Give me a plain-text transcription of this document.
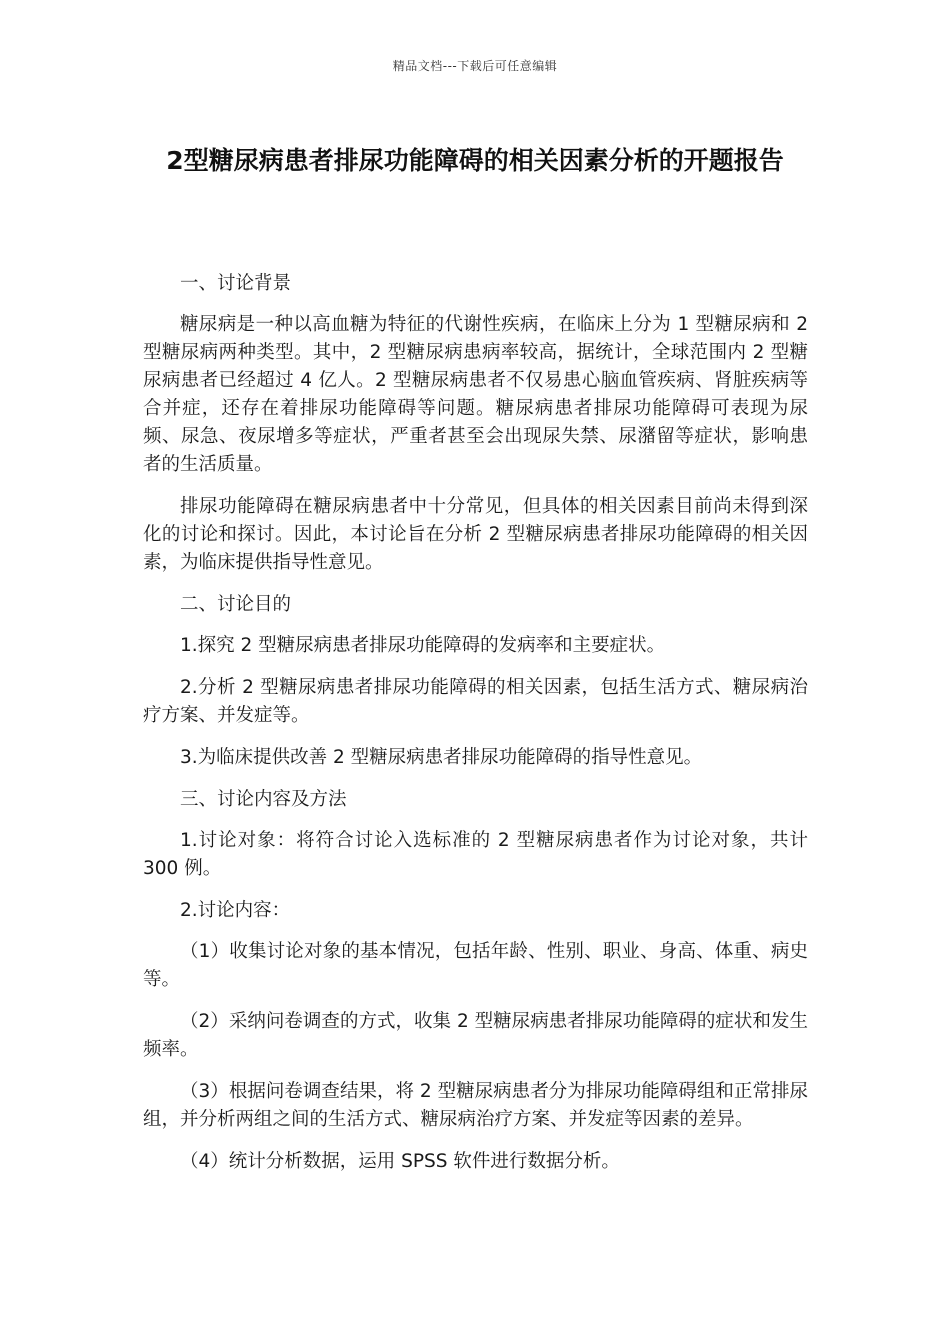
精品文档---下载后可任意编辑
2型糖尿病患者排尿功能障碍的相关因素分析的开题报告

一、讨论背景

糖尿病是一种以高血糖为特征的代谢性疾病，在临床上分为 1 型糖尿病和 2 型糖尿病两种类型。其中，2 型糖尿病患病率较高，据统计，全球范围内 2 型糖尿病患者已经超过 4 亿人。2 型糖尿病患者不仅易患心脑血管疾病、肾脏疾病等合并症，还存在着排尿功能障碍等问题。糖尿病患者排尿功能障碍可表现为尿频、尿急、夜尿增多等症状，严重者甚至会出现尿失禁、尿潴留等症状，影响患者的生活质量。

排尿功能障碍在糖尿病患者中十分常见，但具体的相关因素目前尚未得到深化的讨论和探讨。因此，本讨论旨在分析 2 型糖尿病患者排尿功能障碍的相关因素，为临床提供指导性意见。

二、讨论目的

1.探究 2 型糖尿病患者排尿功能障碍的发病率和主要症状。

2.分析 2 型糖尿病患者排尿功能障碍的相关因素，包括生活方式、糖尿病治疗方案、并发症等。

3.为临床提供改善 2 型糖尿病患者排尿功能障碍的指导性意见。

三、讨论内容及方法

1.讨论对象：将符合讨论入选标准的 2 型糖尿病患者作为讨论对象，共计 300 例。

2.讨论内容：

（1）收集讨论对象的基本情况，包括年龄、性别、职业、身高、体重、病史等。

（2）采纳问卷调查的方式，收集 2 型糖尿病患者排尿功能障碍的症状和发生频率。

（3）根据问卷调查结果，将 2 型糖尿病患者分为排尿功能障碍组和正常排尿组，并分析两组之间的生活方式、糖尿病治疗方案、并发症等因素的差异。

（4）统计分析数据，运用 SPSS 软件进行数据分析。
